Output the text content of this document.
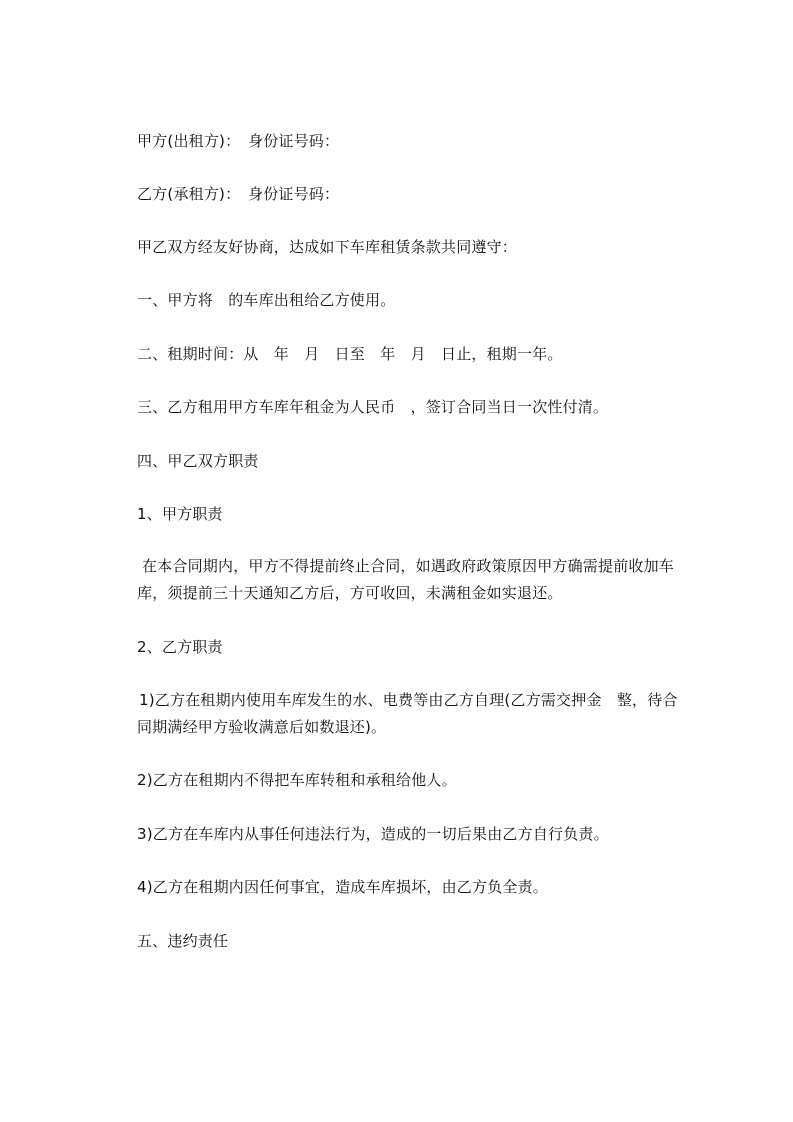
甲方(出租方)：　身份证号码：
乙方(承租方)：　身份证号码：
甲乙双方经友好协商，达成如下车库租赁条款共同遵守：
一、甲方将　的车库出租给乙方使用。
二、租期时间：从　年　月　日至　年　月　日止，租期一年。
三、乙方租用甲方车库年租金为人民币　，签订合同当日一次性付清。
四、甲乙双方职责
1、甲方职责
在本合同期内，甲方不得提前终止合同，如遇政府政策原因甲方确需提前收加车
库，须提前三十天通知乙方后，方可收回，未满租金如实退还。
2、乙方职责
1)乙方在租期内使用车库发生的水、电费等由乙方自理(乙方需交押金　整，待合
同期满经甲方验收满意后如数退还)。
2)乙方在租期内不得把车库转租和承租给他人。
3)乙方在车库内从事任何违法行为，造成的一切后果由乙方自行负责。
4)乙方在租期内因任何事宜，造成车库损坏，由乙方负全责。
五、违约责任
